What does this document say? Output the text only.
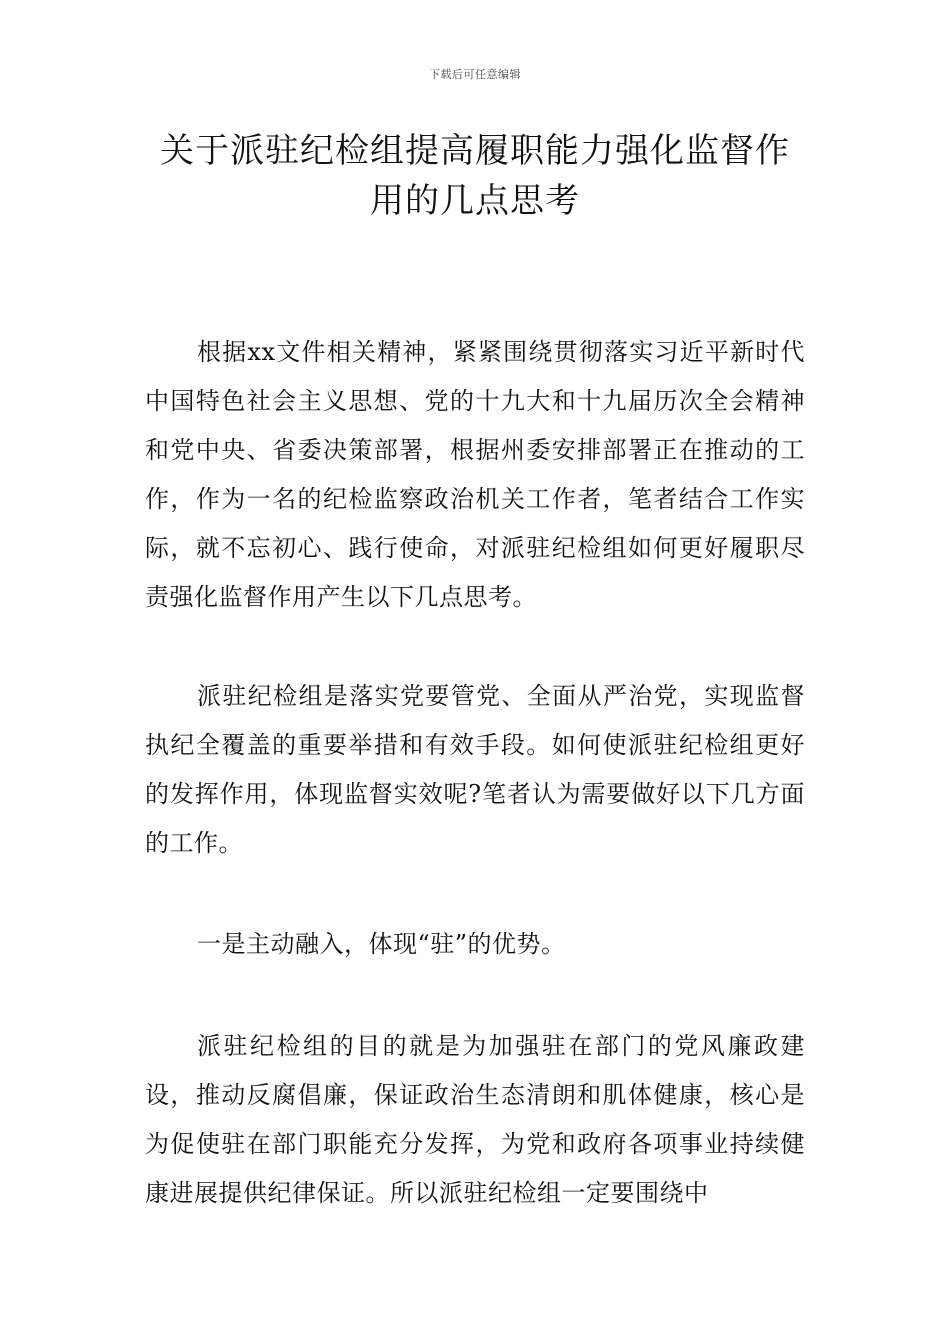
下载后可任意编辑
关于派驻纪检组提高履职能力强化监督作用的几点思考

根据xx文件相关精神，紧紧围绕贯彻落实习近平新时代中国特色社会主义思想、党的十九大和十九届历次全会精神和党中央、省委决策部署，根据州委安排部署正在推动的工作，作为一名的纪检监察政治机关工作者，笔者结合工作实际，就不忘初心、践行使命，对派驻纪检组如何更好履职尽责强化监督作用产生以下几点思考。

派驻纪检组是落实党要管党、全面从严治党，实现监督执纪全覆盖的重要举措和有效手段。如何使派驻纪检组更好的发挥作用，体现监督实效呢?笔者认为需要做好以下几方面的工作。

一是主动融入，体现“驻”的优势。

派驻纪检组的目的就是为加强驻在部门的党风廉政建设，推动反腐倡廉，保证政治生态清朗和肌体健康，核心是为促使驻在部门职能充分发挥，为党和政府各项事业持续健康进展提供纪律保证。所以派驻纪检组一定要围绕中
